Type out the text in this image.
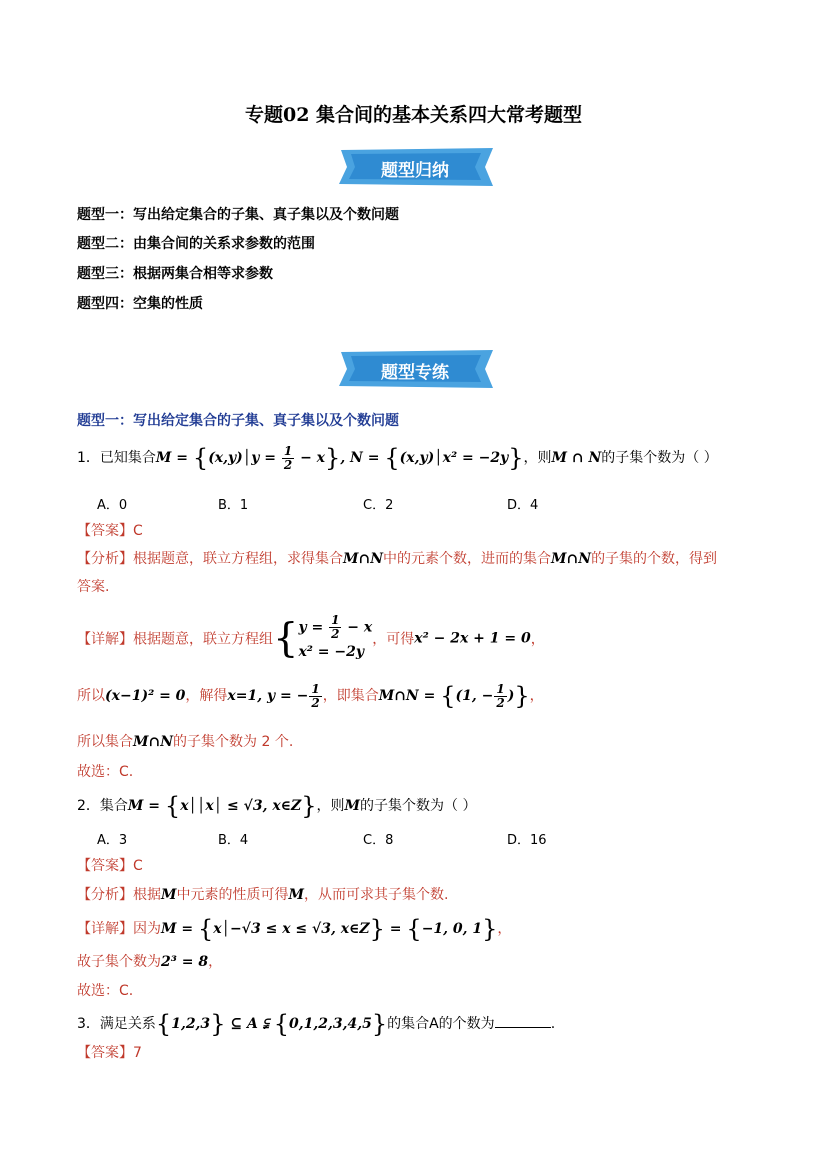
专题02 集合间的基本关系四大常考题型
题型归纳
题型一：写出给定集合的子集、真子集以及个数问题
题型二：由集合间的关系求参数的范围
题型三：根据两集合相等求参数
题型四：空集的性质
题型专练
题型一：写出给定集合的子集、真子集以及个数问题
1．已知集合M = {(x,y)│y = $\frac{1}{2} - x$}, N = {(x,y)│x² = −2y}，则M ∩ N的子集个数为（ ）
A．0	B．1	C．2	D．4
【答案】C
【分析】根据题意，联立方程组，求得集合M∩N中的元素个数，进而的集合M∩N的子集的个数，得到
答案.
【详解】根据题意，联立方程组{$y = \frac{1}{2} - x$
x² = −2y，可得x² − 2x + 1 = 0，
所以(x−1)² = 0，解得x=1, y = − $\frac{1}{2}$ ，即集合M∩N = {(1, − $\frac{1}{2}$ )}，
所以集合M∩N的子集个数为 2 个.
故选：C.
2．集合M = {x││x│ ≤ √3, x∈Z}，则M的子集个数为（ ）
A．3	B．4	C．8	D．16
【答案】C
【分析】根据M中元素的性质可得M，从而可求其子集个数.
【详解】因为M = {x│−√3 ≤ x ≤ √3, x∈Z} = {−1, 0, 1}，
故子集个数为2³ = 8，
故选：C.
3．满足关系{1,2,3} ⊆ A ⫋ {0,1,2,3,4,5}的集合A的个数为	.
【答案】7
